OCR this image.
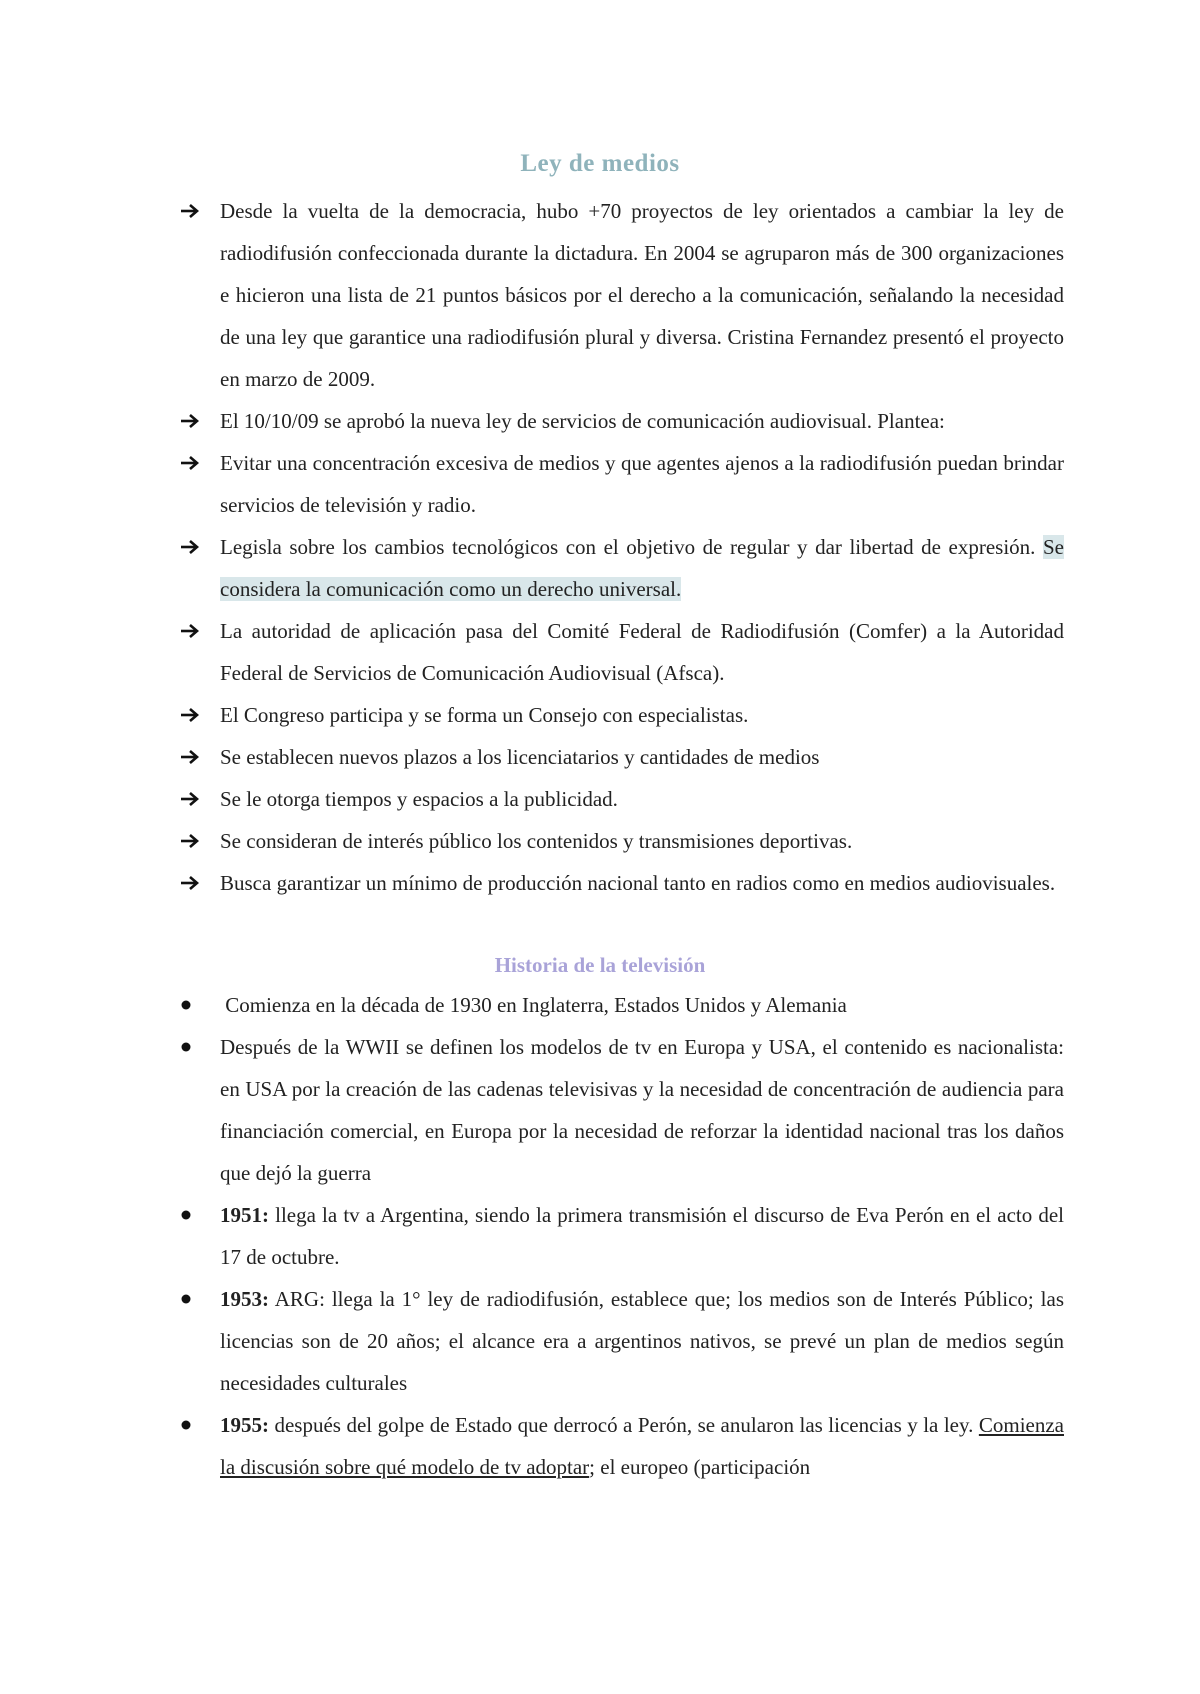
Ley de medios
Desde la vuelta de la democracia, hubo +70 proyectos de ley orientados a cambiar la ley de radiodifusión confeccionada durante la dictadura. En 2004 se agruparon más de 300 organizaciones e hicieron una lista de 21 puntos básicos por el derecho a la comunicación, señalando la necesidad de una ley que garantice una radiodifusión plural y diversa. Cristina Fernandez presentó el proyecto en marzo de 2009.
El 10/10/09 se aprobó la nueva ley de servicios de comunicación audiovisual. Plantea:
Evitar una concentración excesiva de medios y que agentes ajenos a la radiodifusión puedan brindar servicios de televisión y radio.
Legisla sobre los cambios tecnológicos con el objetivo de regular y dar libertad de expresión. Se considera la comunicación como un derecho universal.
La autoridad de aplicación pasa del Comité Federal de Radiodifusión (Comfer) a la Autoridad Federal de Servicios de Comunicación Audiovisual (Afsca).
El Congreso participa y se forma un Consejo con especialistas.
Se establecen nuevos plazos a los licenciatarios y cantidades de medios
Se le otorga tiempos y espacios a la publicidad.
Se consideran de interés público los contenidos y transmisiones deportivas.
Busca garantizar un mínimo de producción nacional tanto en radios como en medios audiovisuales.
Historia de la televisión
Comienza en la década de 1930 en Inglaterra, Estados Unidos y Alemania
Después de la WWII se definen los modelos de tv en Europa y USA, el contenido es nacionalista: en USA por la creación de las cadenas televisivas y la necesidad de concentración de audiencia para financiación comercial, en Europa por la necesidad de reforzar la identidad nacional tras los daños que dejó la guerra
1951: llega la tv a Argentina, siendo la primera transmisión el discurso de Eva Perón en el acto del 17 de octubre.
1953: ARG: llega la 1° ley de radiodifusión, establece que; los medios son de Interés Público; las licencias son de 20 años; el alcance era a argentinos nativos, se prevé un plan de medios según necesidades culturales
1955: después del golpe de Estado que derrocó a Perón, se anularon las licencias y la ley. Comienza la discusión sobre qué modelo de tv adoptar; el europeo (participación
